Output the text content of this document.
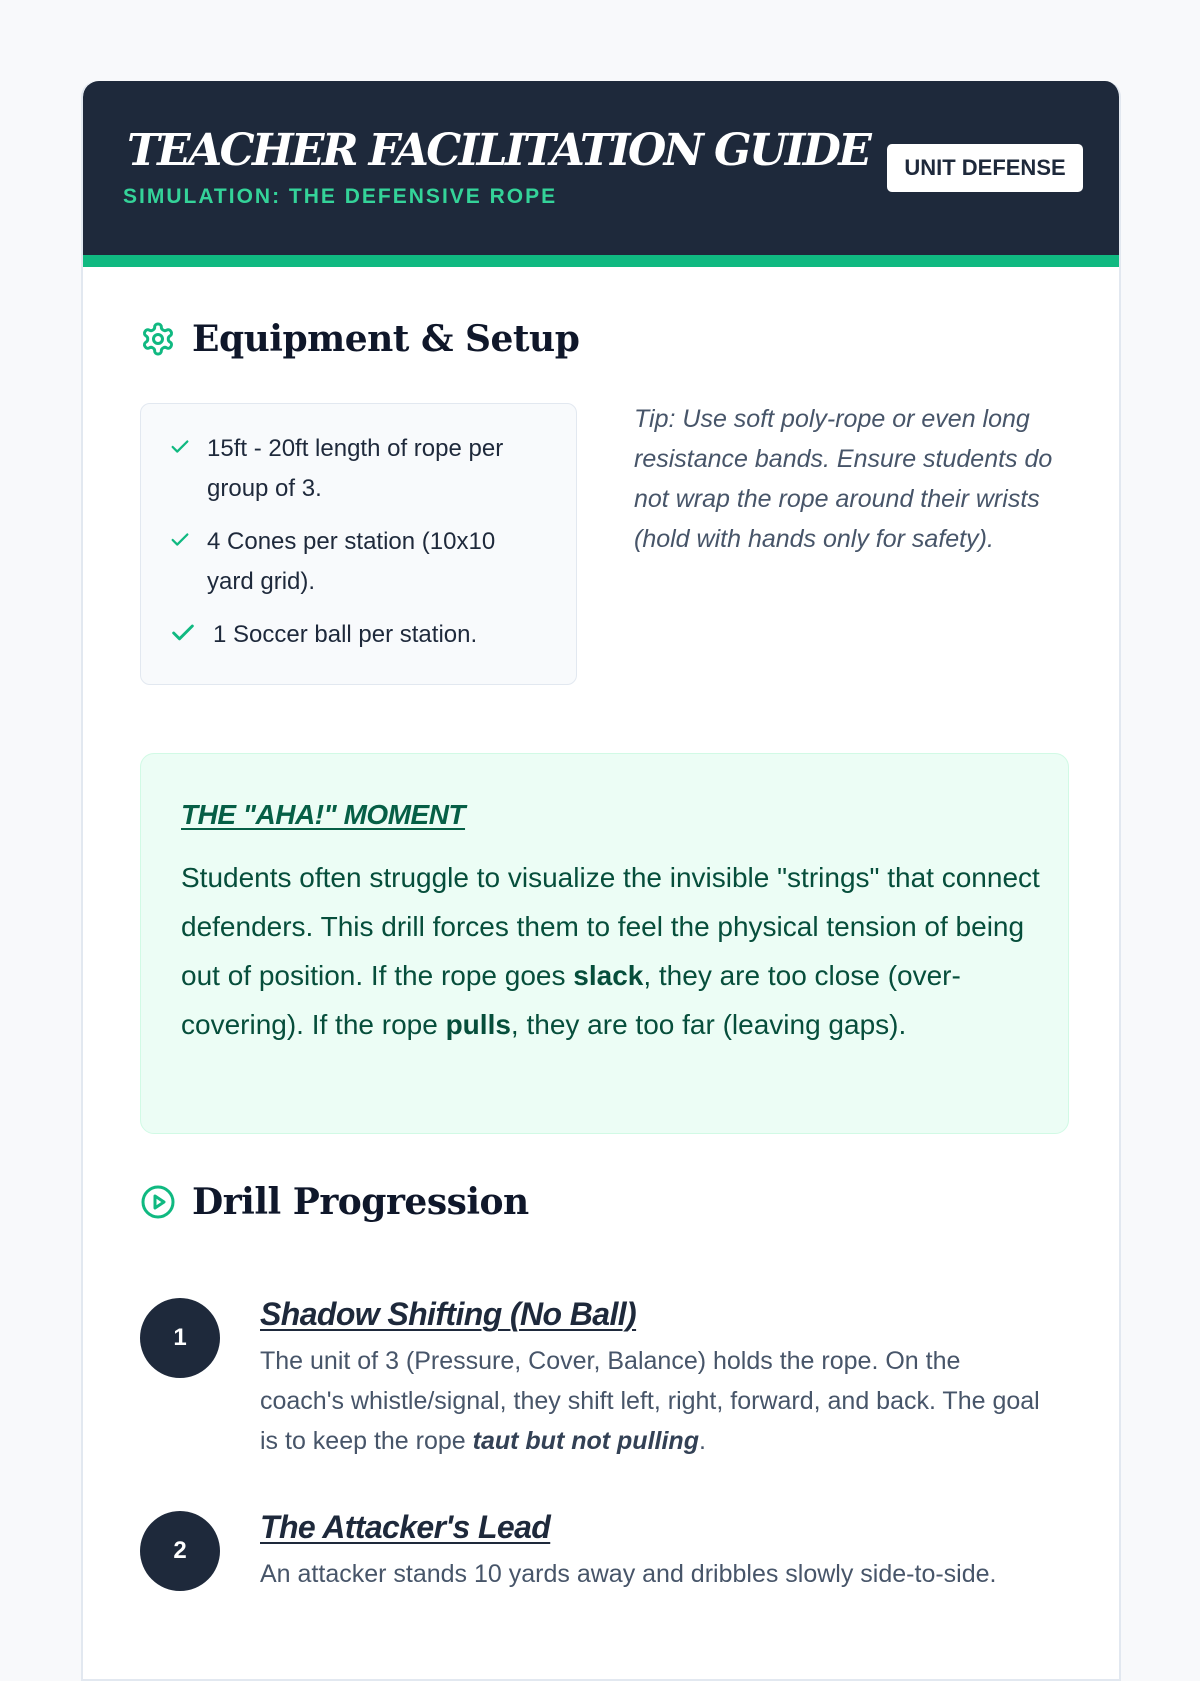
TEACHER FACILITATION GUIDE
SIMULATION: THE DEFENSIVE ROPE
UNIT DEFENSE
Equipment & Setup
15ft - 20ft length of rope per
group of 3.
4 Cones per station (10x10
yard grid).
1 Soccer ball per station.
Tip: Use soft poly-rope or even long resistance bands. Ensure students do not wrap the rope around their wrists (hold with hands only for safety).
THE "AHA!" MOMENT
Students often struggle to visualize the invisible "strings" that connect defenders. This drill forces them to feel the physical tension of being out of position. If the rope goes slack, they are too close (over-covering). If the rope pulls, they are too far (leaving gaps).
Drill Progression
1
Shadow Shifting (No Ball)
The unit of 3 (Pressure, Cover, Balance) holds the rope. On the coach's whistle/signal, they shift left, right, forward, and back. The goal is to keep the rope taut but not pulling.
2
The Attacker's Lead
An attacker stands 10 yards away and dribbles slowly side-to-side.
